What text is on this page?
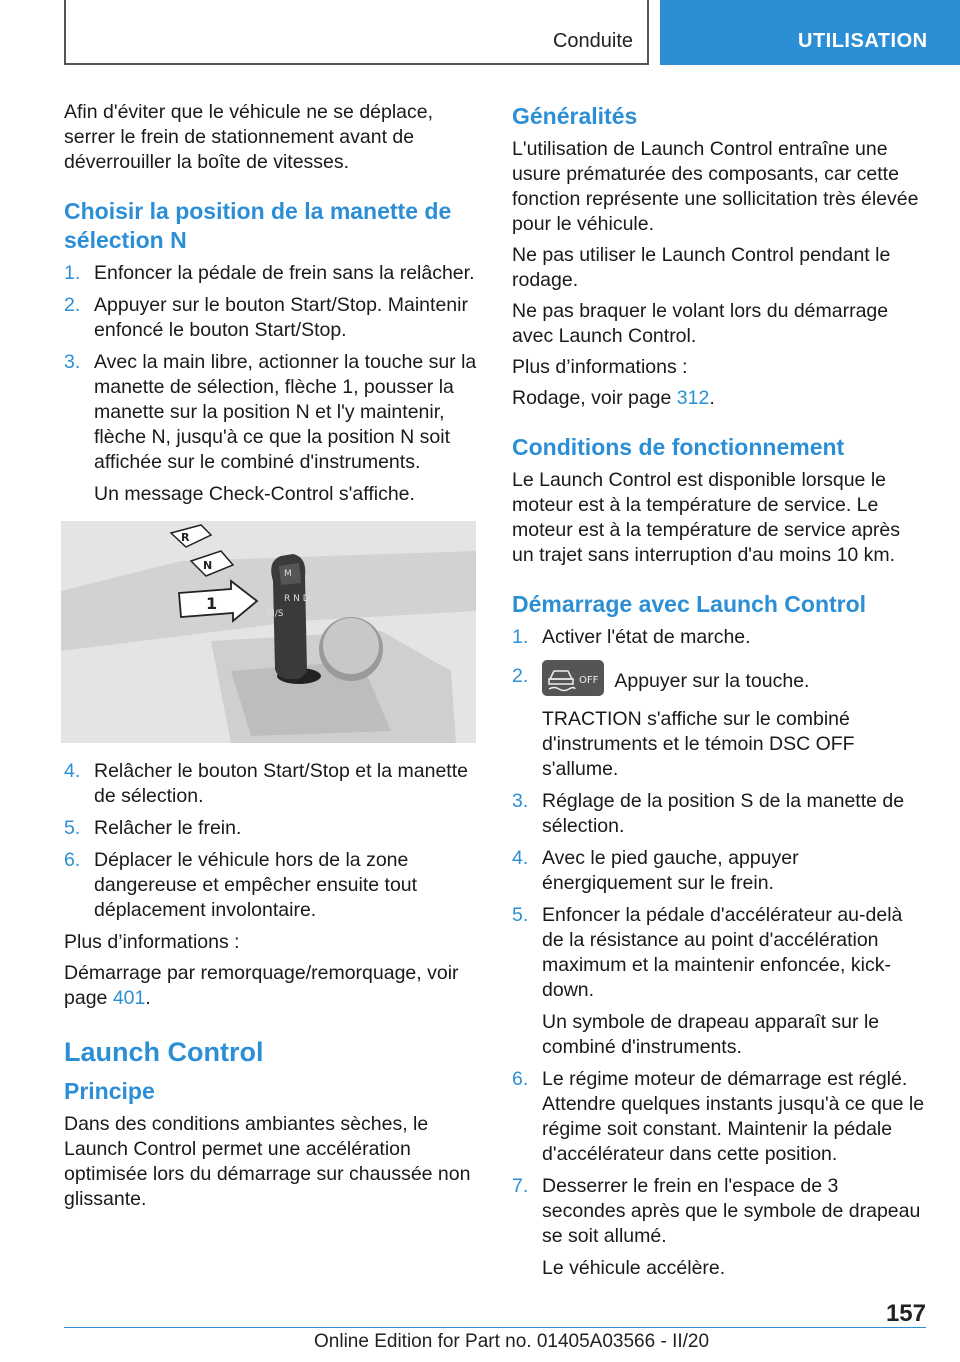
Conduite	UTILISATION
Afin d'éviter que le véhicule ne se déplace, serrer le frein de stationnement avant de déverrouiller la boîte de vitesses.
Choisir la position de la manette de sélection N
1. Enfoncer la pédale de frein sans la relâcher.
2. Appuyer sur le bouton Start/Stop. Maintenir enfoncé le bouton Start/Stop.
3. Avec la main libre, actionner la touche sur la manette de sélection, flèche 1, pousser la manette sur la position N et l'y maintenir, flèche N, jusqu'à ce que la position N soit affichée sur le combiné d'instruments.
Un message Check-Control s'affiche.
R N D
M/S
M
R
N
1
4. Relâcher le bouton Start/Stop et la manette de sélection.
5. Relâcher le frein.
6. Déplacer le véhicule hors de la zone dangereuse et empêcher ensuite tout déplacement involontaire.
Plus d’informations :
Démarrage par remorquage/remorquage, voir page 401.
Launch Control
Principe
Dans des conditions ambiantes sèches, le Launch Control permet une accélération optimisée lors du démarrage sur chaussée non glissante.
Généralités
L'utilisation de Launch Control entraîne une usure prématurée des composants, car cette fonction représente une sollicitation très élevée pour le véhicule.
Ne pas utiliser le Launch Control pendant le rodage.
Ne pas braquer le volant lors du démarrage avec Launch Control.
Plus d’informations :
Rodage, voir page 312.
Conditions de fonctionnement
Le Launch Control est disponible lorsque le moteur est à la température de service. Le moteur est à la température de service après un trajet sans interruption d'au moins 10 km.
Démarrage avec Launch Control
1. Activer l'état de marche.
2.	OFF Appuyer sur la touche.
TRACTION s'affiche sur le combiné d'instruments et le témoin DSC OFF s'allume.
3. Réglage de la position S de la manette de sélection.
4. Avec le pied gauche, appuyer énergiquement sur le frein.
5. Enfoncer la pédale d'accélérateur au-delà de la résistance au point d'accélération maximum et la maintenir enfoncée, kick-down.
Un symbole de drapeau apparaît sur le combiné d'instruments.
6. Le régime moteur de démarrage est réglé. Attendre quelques instants jusqu'à ce que le régime soit constant. Maintenir la pédale d'accélérateur dans cette position.
7. Desserrer le frein en l'espace de 3 secondes après que le symbole de drapeau se soit allumé.
Le véhicule accélère.
157
Online Edition for Part no. 01405A03566 - II/20
